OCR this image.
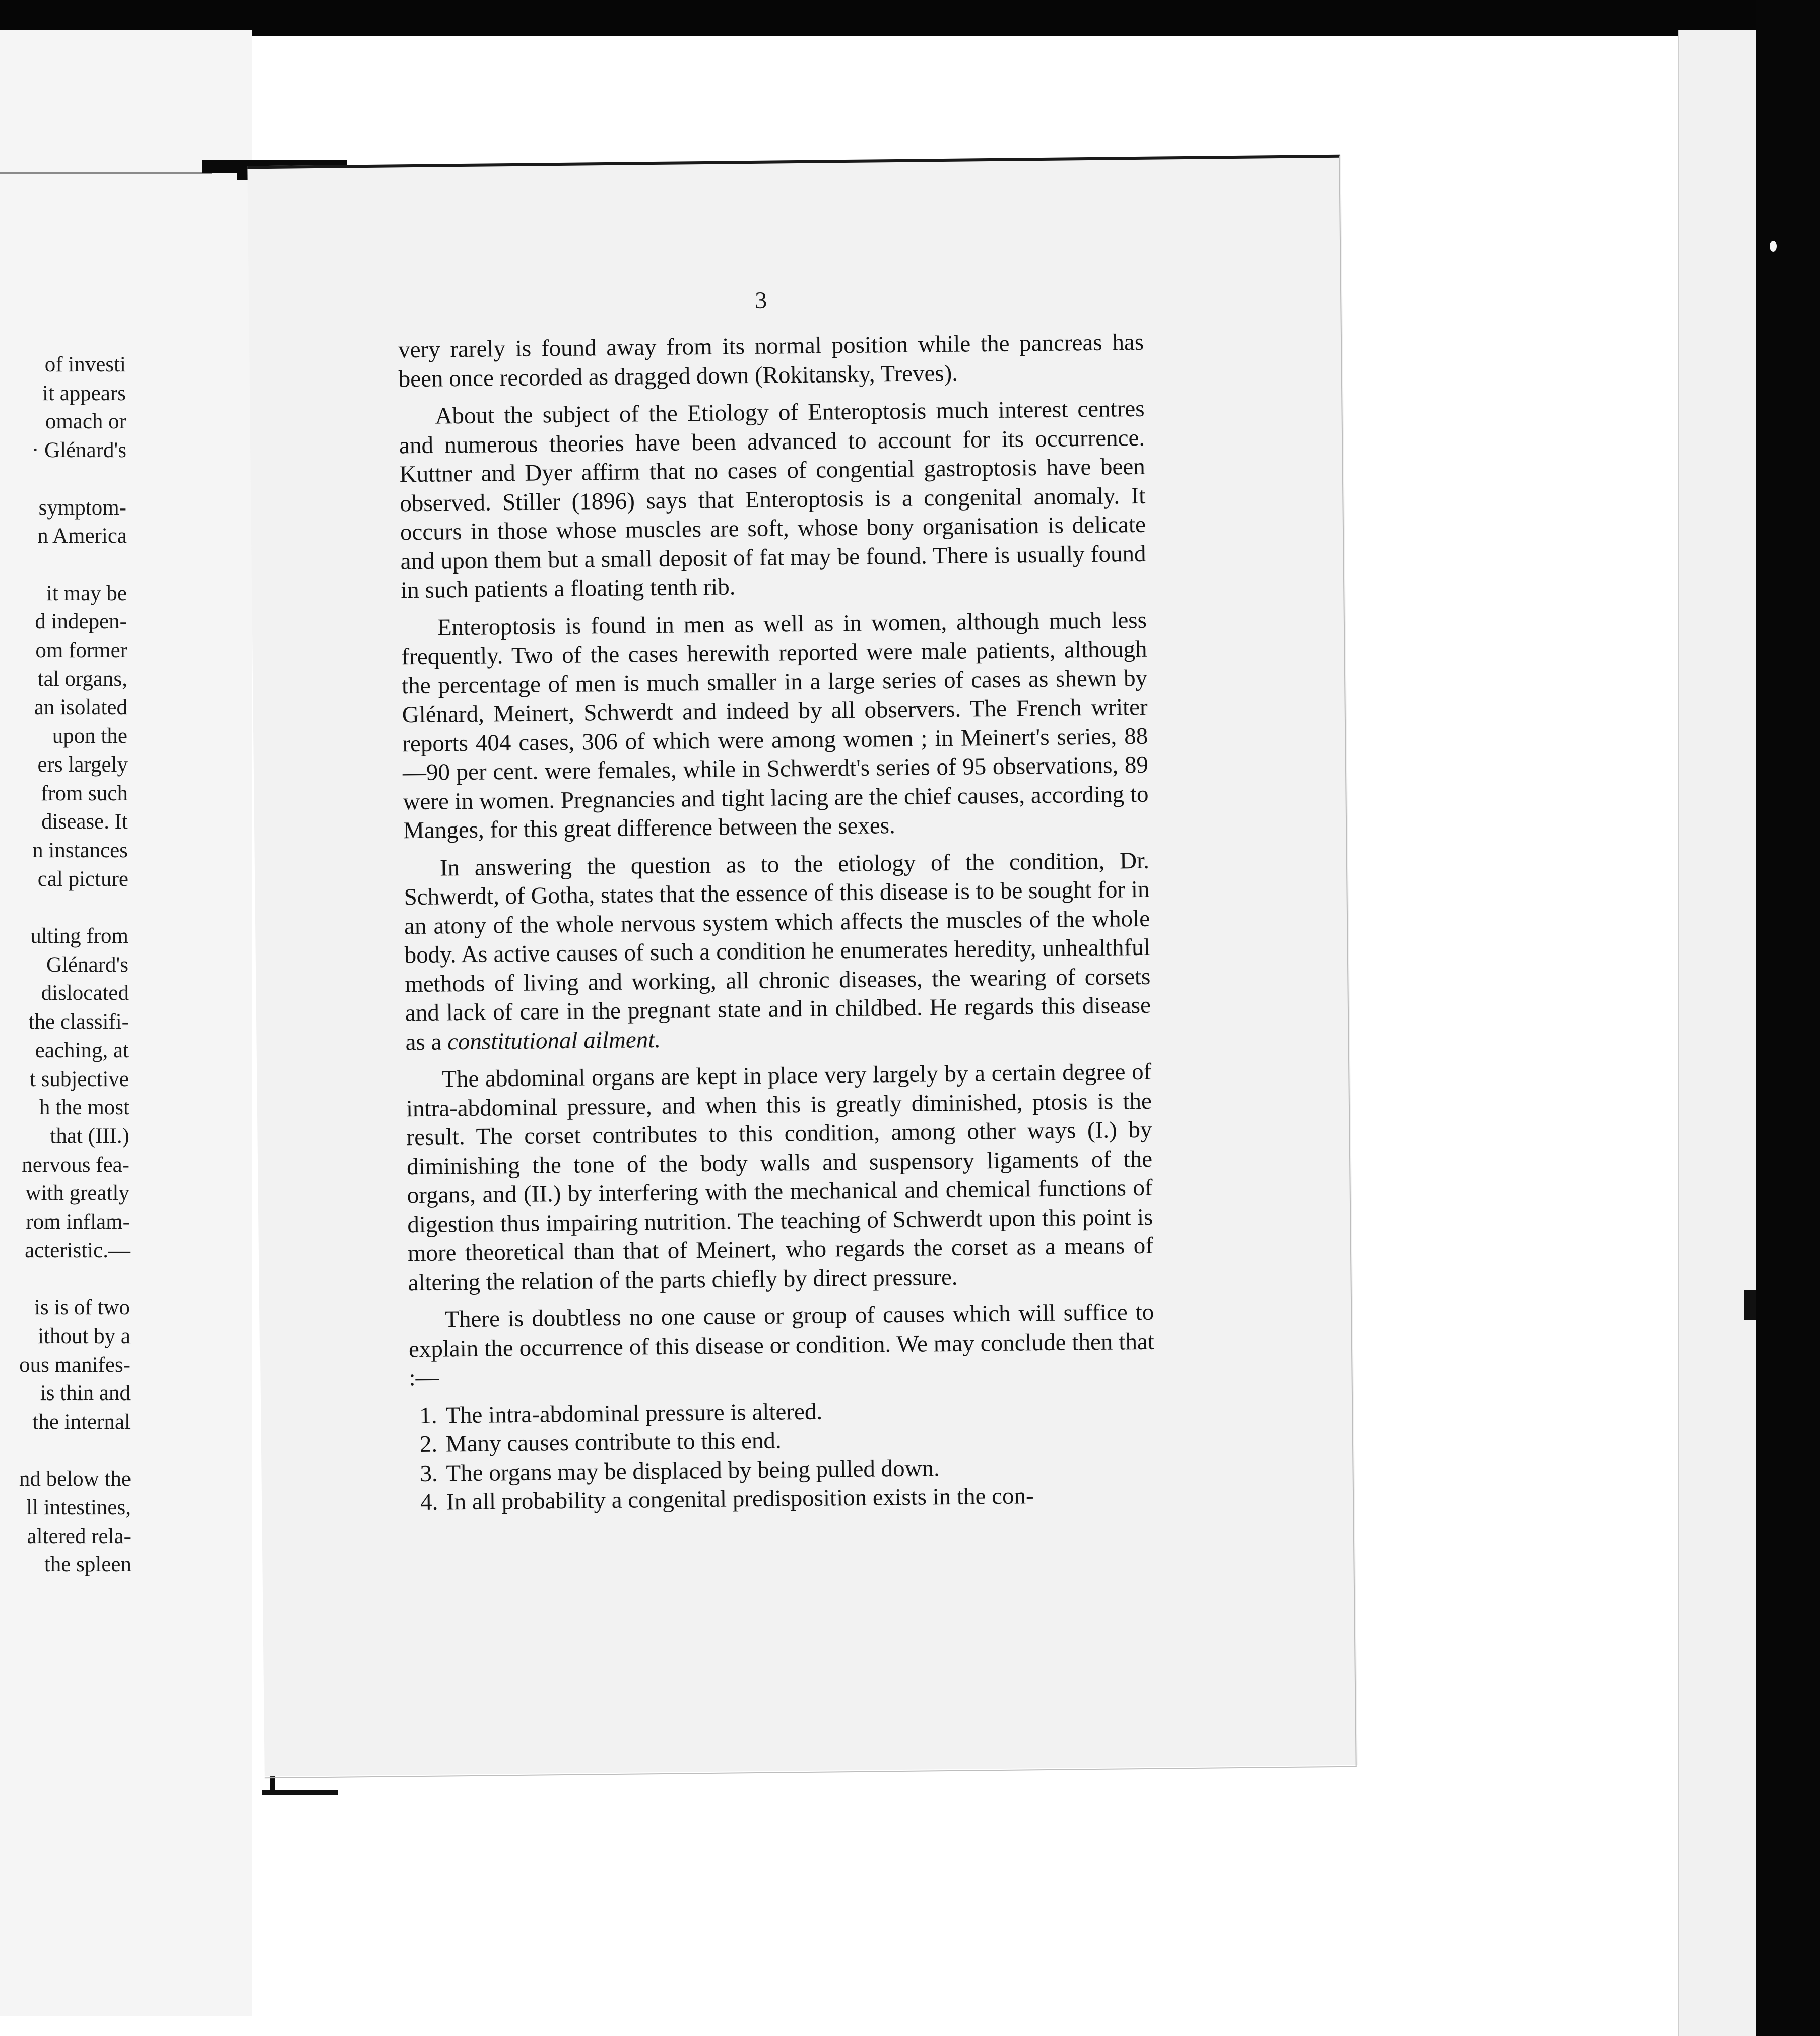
of investi
it appears
omach or
· Glénard's
symptom-
n America
it may be
d indepen-
om former
tal organs,
an isolated
upon the
ers largely
from such
disease. It
n instances
cal picture
ulting from
Glénard's
dislocated
the classifi-
eaching, at
t subjective
h the most
that (III.)
nervous fea-
with greatly
rom inflam-
acteristic.—
is is of two
ithout by a
ous manifes-
is thin and
the internal
nd below the
ll intestines,
altered rela-
the spleen
3

very rarely is found away from its normal position while the pancreas has been once recorded as dragged down (Rokitansky, Treves).

About the subject of the Etiology of Enteroptosis much interest centres and numerous theories have been advanced to account for its occurrence. Kuttner and Dyer affirm that no cases of congential gastroptosis have been observed. Stiller (1896) says that Enteroptosis is a congenital anomaly. It occurs in those whose muscles are soft, whose bony organisation is delicate and upon them but a small deposit of fat may be found. There is usually found in such patients a floating tenth rib.

Enteroptosis is found in men as well as in women, although much less frequently. Two of the cases herewith reported were male patients, although the percentage of men is much smaller in a large series of cases as shewn by Glénard, Meinert, Schwerdt and indeed by all observers. The French writer reports 404 cases, 306 of which were among women ; in Meinert's series, 88—90 per cent. were females, while in Schwerdt's series of 95 observations, 89 were in women. Pregnancies and tight lacing are the chief causes, according to Manges, for this great difference between the sexes.

In answering the question as to the etiology of the condition, Dr. Schwerdt, of Gotha, states that the essence of this disease is to be sought for in an atony of the whole nervous system which affects the muscles of the whole body. As active causes of such a condition he enumerates heredity, unhealthful methods of living and working, all chronic diseases, the wearing of corsets and lack of care in the pregnant state and in childbed. He regards this disease as a constitutional ailment.

The abdominal organs are kept in place very largely by a certain degree of intra-abdominal pressure, and when this is greatly diminished, ptosis is the result. The corset contributes to this condition, among other ways (I.) by diminishing the tone of the body walls and suspensory ligaments of the organs, and (II.) by interfering with the mechanical and chemical functions of digestion thus impairing nutrition. The teaching of Schwerdt upon this point is more theoretical than that of Meinert, who regards the corset as a means of altering the relation of the parts chiefly by direct pressure.

There is doubtless no one cause or group of causes which will suffice to explain the occurrence of this disease or condition. We may conclude then that :—

1. The intra-abdominal pressure is altered.
2. Many causes contribute to this end.
3. The organs may be displaced by being pulled down.
4. In all probability a congenital predisposition exists in the con-
